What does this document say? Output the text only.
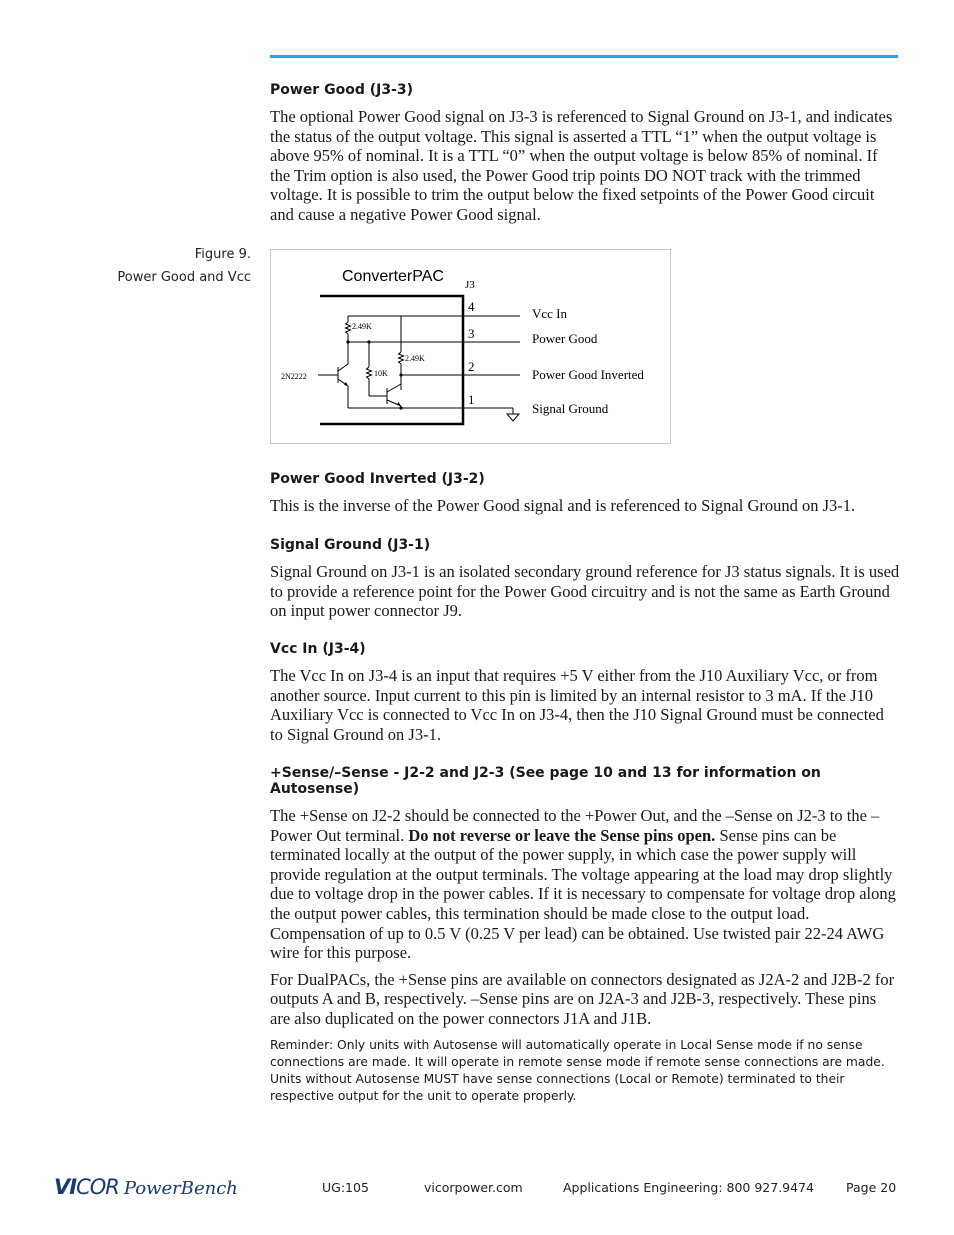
Power Good (J3-3)

The optional Power Good signal on J3-3 is referenced to Signal Ground on J3-1, and indicates the status of the output voltage. This signal is asserted a TTL “1” when the output voltage is above 95% of nominal. It is a TTL “0” when the output voltage is below 85% of nominal. If the Trim option is also used, the Power Good trip points DO NOT track with the trimmed voltage. It is possible to trim the output below the fixed setpoints of the Power Good circuit and cause a negative Power Good signal.

Figure 9.
Power Good and Vcc	ConverterPAC J3
4
3
2
1
Vcc In
Power Good
Power Good Inverted
Signal Ground
2.49K
2.49K
10K
2N2222

Power Good Inverted (J3-2)

This is the inverse of the Power Good signal and is referenced to Signal Ground on J3-1.

Signal Ground (J3-1)

Signal Ground on J3-1 is an isolated secondary ground reference for J3 status signals. It is used to provide a reference point for the Power Good circuitry and is not the same as Earth Ground on input power connector J9.

Vcc In (J3-4)

The Vcc In on J3-4 is an input that requires +5 V either from the J10 Auxiliary Vcc, or from another source. Input current to this pin is limited by an internal resistor to 3 mA. If the J10 Auxiliary Vcc is connected to Vcc In on J3-4, then the J10 Signal Ground must be connected to Signal Ground on J3-1.

+Sense/–Sense - J2-2 and J2-3 (See page 10 and 13 for information on Autosense)

The +Sense on J2-2 should be connected to the +Power Out, and the –Sense on J2-3 to the –Power Out terminal. Do not reverse or leave the Sense pins open. Sense pins can be terminated locally at the output of the power supply, in which case the power supply will provide regulation at the output terminals. The voltage appearing at the load may drop slightly due to voltage drop in the power cables. If it is necessary to compensate for voltage drop along the output power cables, this termination should be made close to the output load. Compensation of up to 0.5 V (0.25 V per lead) can be obtained. Use twisted pair 22-24 AWG wire for this purpose.

For DualPACs, the +Sense pins are available on connectors designated as J2A-2 and J2B-2 for outputs A and B, respectively. –Sense pins are on J2A-3 and J2B-3, respectively. These pins are also duplicated on the power connectors J1A and J1B.

Reminder: Only units with Autosense will automatically operate in Local Sense mode if no sense connections are made. It will operate in remote sense mode if remote sense connections are made. Units without Autosense MUST have sense connections (Local or Remote) terminated to their respective output for the unit to operate properly.

VICOR PowerBench	UG:105	vicorpower.com	Applications Engineering: 800 927.9474	Page 20
